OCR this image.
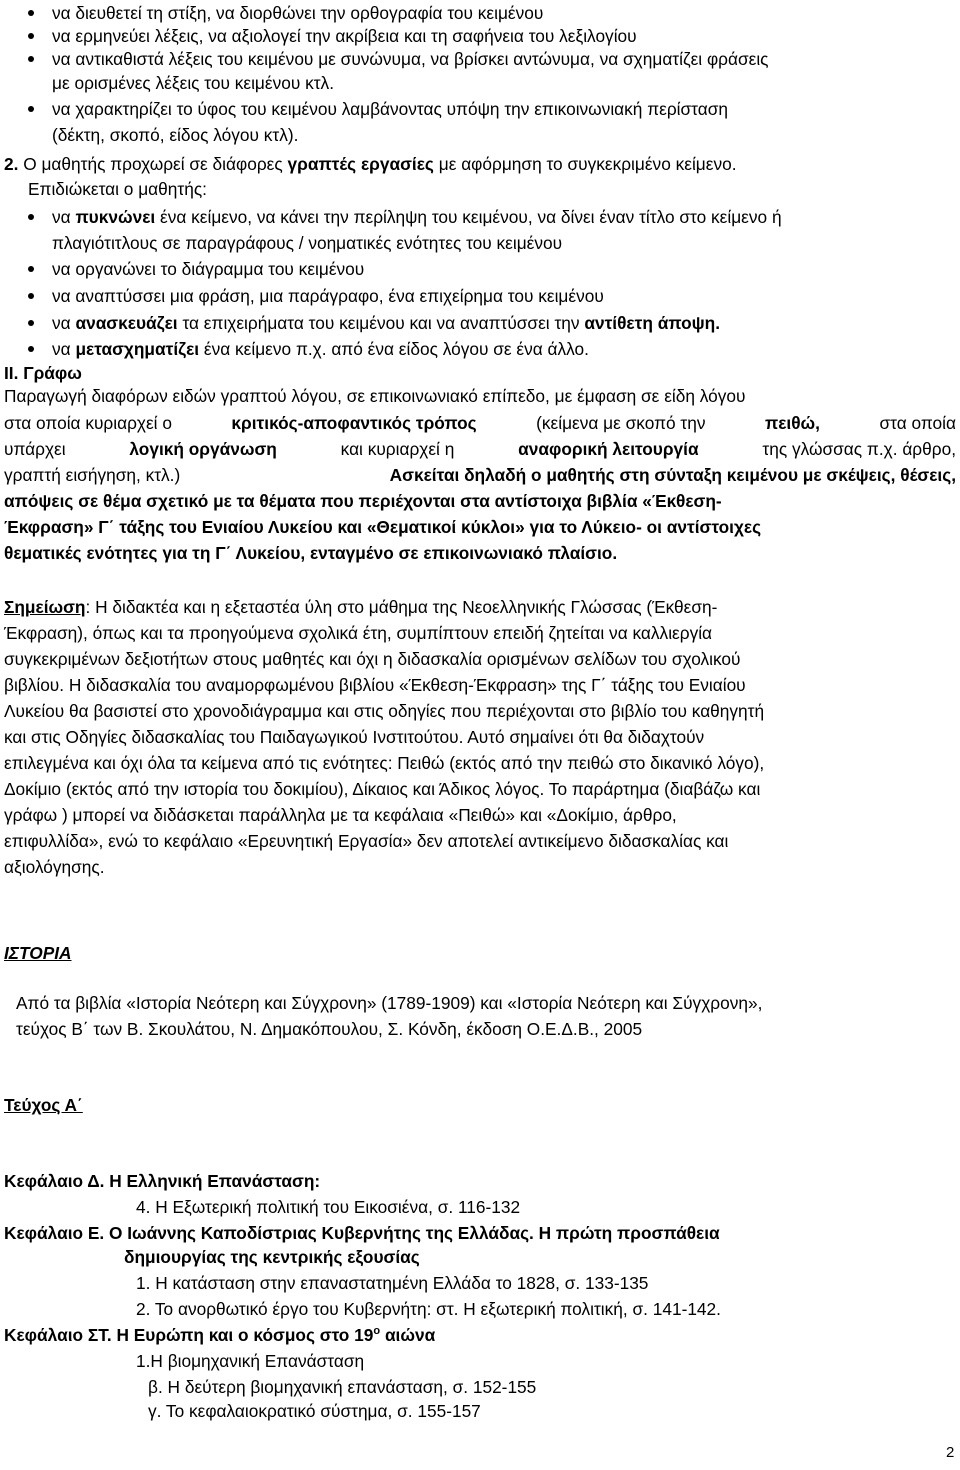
να διευθετεί τη στίξη, να διορθώνει την ορθογραφία του κειμένου
να ερμηνεύει λέξεις, να αξιολογεί την ακρίβεια και τη σαφήνεια του λεξιλογίου
να αντικαθιστά λέξεις του κειμένου με συνώνυμα, να βρίσκει αντώνυμα, να σχηματίζει φράσεις
με ορισμένες λέξεις του κειμένου κτλ.
να χαρακτηρίζει το ύφος του κειμένου λαμβάνοντας υπόψη την επικοινωνιακή περίσταση
(δέκτη, σκοπό, είδος λόγου κτλ).
2. Ο μαθητής προχωρεί σε διάφορες γραπτές εργασίες με αφόρμηση το συγκεκριμένο κείμενο.
Επιδιώκεται ο μαθητής:
να πυκνώνει ένα κείμενο, να κάνει την περίληψη του κειμένου, να δίνει έναν τίτλο στο κείμενο ή
πλαγιότιτλους σε παραγράφους / νοηματικές ενότητες του κειμένου
να οργανώνει το διάγραμμα του κειμένου
να αναπτύσσει μια φράση, μια παράγραφο, ένα επιχείρημα του κειμένου
να ανασκευάζει τα επιχειρήματα του κειμένου και να αναπτύσσει την αντίθετη άποψη.
να μετασχηματίζει ένα κείμενο π.χ. από ένα είδος λόγου σε ένα άλλο.
ΙΙ. Γράφω
Παραγωγή διαφόρων ειδών γραπτού λόγου, σε επικοινωνιακό επίπεδο, με έμφαση σε είδη λόγου
στα οποία κυριαρχεί ο	κριτικός-αποφαντικός τρόπος	(κείμενα με σκοπό την	πειθώ,	στα οποία
υπάρχει	λογική οργάνωση	και κυριαρχεί η	αναφορική λειτουργία	της γλώσσας π.χ. άρθρο,
γραπτή εισήγηση, κτλ.)	Ασκείται δηλαδή ο μαθητής στη σύνταξη κειμένου με σκέψεις, θέσεις,
απόψεις σε θέμα σχετικό με τα θέματα που περιέχονται στα αντίστοιχα βιβλία «Έκθεση-
Έκφραση» Γ΄ τάξης του Ενιαίου Λυκείου και «Θεματικοί κύκλοι» για το Λύκειο- οι αντίστοιχες
θεματικές ενότητες για τη Γ΄ Λυκείου, ενταγμένο σε επικοινωνιακό πλαίσιο.
Σημείωση: Η διδακτέα και η εξεταστέα ύλη στο μάθημα της Νεοελληνικής Γλώσσας (Έκθεση-
Έκφραση), όπως και τα προηγούμενα σχολικά έτη, συμπίπτουν επειδή ζητείται να καλλιεργία
συγκεκριμένων δεξιοτήτων στους μαθητές και όχι η διδασκαλία ορισμένων σελίδων του σχολικού
βιβλίου. Η διδασκαλία του αναμορφωμένου βιβλίου «Έκθεση-Έκφραση» της Γ΄ τάξης του Ενιαίου
Λυκείου θα βασιστεί στο χρονοδιάγραμμα και στις οδηγίες που περιέχονται στο βιβλίο του καθηγητή
και στις Οδηγίες διδασκαλίας του Παιδαγωγικού Ινστιτούτου. Αυτό σημαίνει ότι θα διδαχτούν
επιλεγμένα και όχι όλα τα κείμενα από τις ενότητες: Πειθώ (εκτός από την πειθώ στο δικανικό λόγο),
Δοκίμιο (εκτός από την ιστορία του δοκιμίου), Δίκαιος και Άδικος λόγος. Το παράρτημα (διαβάζω και
γράφω ) μπορεί να διδάσκεται παράλληλα με τα κεφάλαια «Πειθώ» και «Δοκίμιο, άρθρο,
επιφυλλίδα», ενώ το κεφάλαιο «Ερευνητική Εργασία» δεν αποτελεί αντικείμενο διδασκαλίας και
αξιολόγησης.
ΙΣΤΟΡΙΑ
Από τα βιβλία «Ιστορία Νεότερη και Σύγχρονη» (1789-1909) και «Ιστορία Νεότερη και Σύγχρονη»,
τεύχος Β΄ των Β. Σκουλάτου, Ν. Δημακόπουλου, Σ. Κόνδη, έκδοση Ο.Ε.Δ.Β., 2005
Τεύχος Α΄
Κεφάλαιο Δ. Η Ελληνική Επανάσταση:
4. Η Εξωτερική πολιτική του Εικοσιένα, σ. 116-132
Κεφάλαιο Ε. Ο Ιωάννης Καποδίστριας Κυβερνήτης της Ελλάδας. Η πρώτη προσπάθεια
δημιουργίας της κεντρικής εξουσίας
1. Η κατάσταση στην επαναστατημένη Ελλάδα το 1828, σ. 133-135
2. Το ανορθωτικό έργο του Κυβερνήτη: στ. Η εξωτερική πολιτική, σ. 141-142.
Κεφάλαιο ΣΤ. Η Ευρώπη και ο κόσμος στο $19^o$ αιώνα
1.Η βιομηχανική Επανάσταση
β. Η δεύτερη βιομηχανική επανάσταση, σ. 152-155
γ. Το κεφαλαιοκρατικό σύστημα, σ. 155-157
2
